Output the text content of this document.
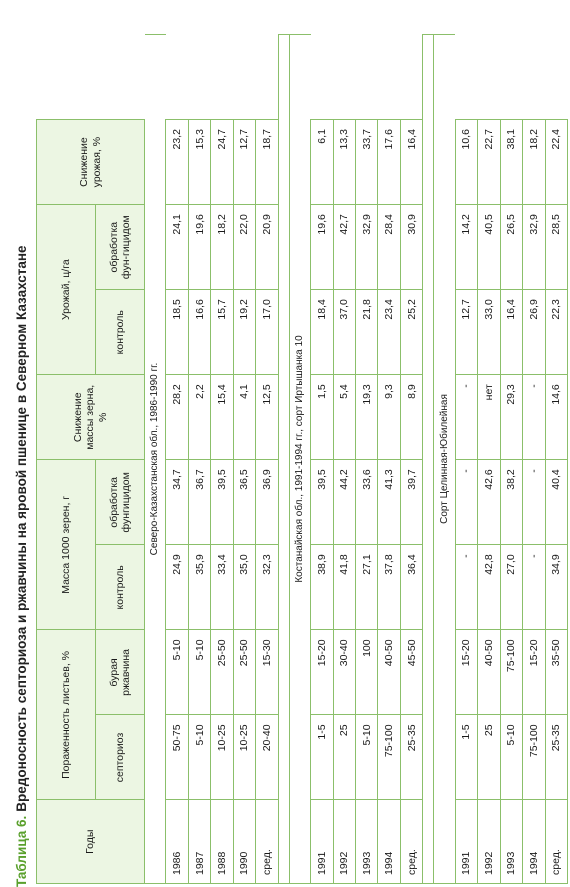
Таблица 6.
Вредоносность септориоза и ржавчины на яровой пшенице в Северном Казахстане
Годы	Пораженность листьев, %		Масса 1000 зерен, г		Снижение массы зерна, %	Урожай, ц/га		Снижение урожая, %
	септориоз	бурая ржавчина	контроль	обработка фунгицидом		контроль	обработка фун-гицидом	
Северо-Казахстанская обл., 1986-1990 гг.								
1986	50-75	5-10	24,9	34,7	28,2	18,5	24,1	23,2
1987	5-10	5-10	35,9	36,7	2,2	16,6	19,6	15,3
1988	10-25	25-50	33,4	39,5	15,4	15,7	18,2	24,7
1990	10-25	25-50	35,0	36,5	4,1	19,2	22,0	12,7
сред.	20-40	15-30	32,3	36,9	12,5	17,0	20,9	18,7

Костанайская обл., 1991-1994 гг., сорт Иртышанка 10								
1991	1-5	15-20	38,9	39,5	1,5	18,4	19,6	6,1
1992	25	30-40	41,8	44,2	5,4	37,0	42,7	13,3
1993	5-10	100	27,1	33,6	19,3	21,8	32,9	33,7
1994	75-100	40-50	37,8	41,3	9,3	23,4	28,4	17,6
сред.	25-35	45-50	36,4	39,7	8,9	25,2	30,9	16,4

Сорт Целинная-Юбилейная								
1991	1-5	15-20	-	-	-	12,7	14,2	10,6
1992	25	40-50	42,8	42,6	нет	33,0	40,5	22,7
1993	5-10	75-100	27,0	38,2	29,3	16,4	26,5	38,1
1994	75-100	15-20	-	-	-	26,9	32,9	18,2
сред.	25-35	35-50	34,9	40,4	14,6	22,3	28,5	22,4
